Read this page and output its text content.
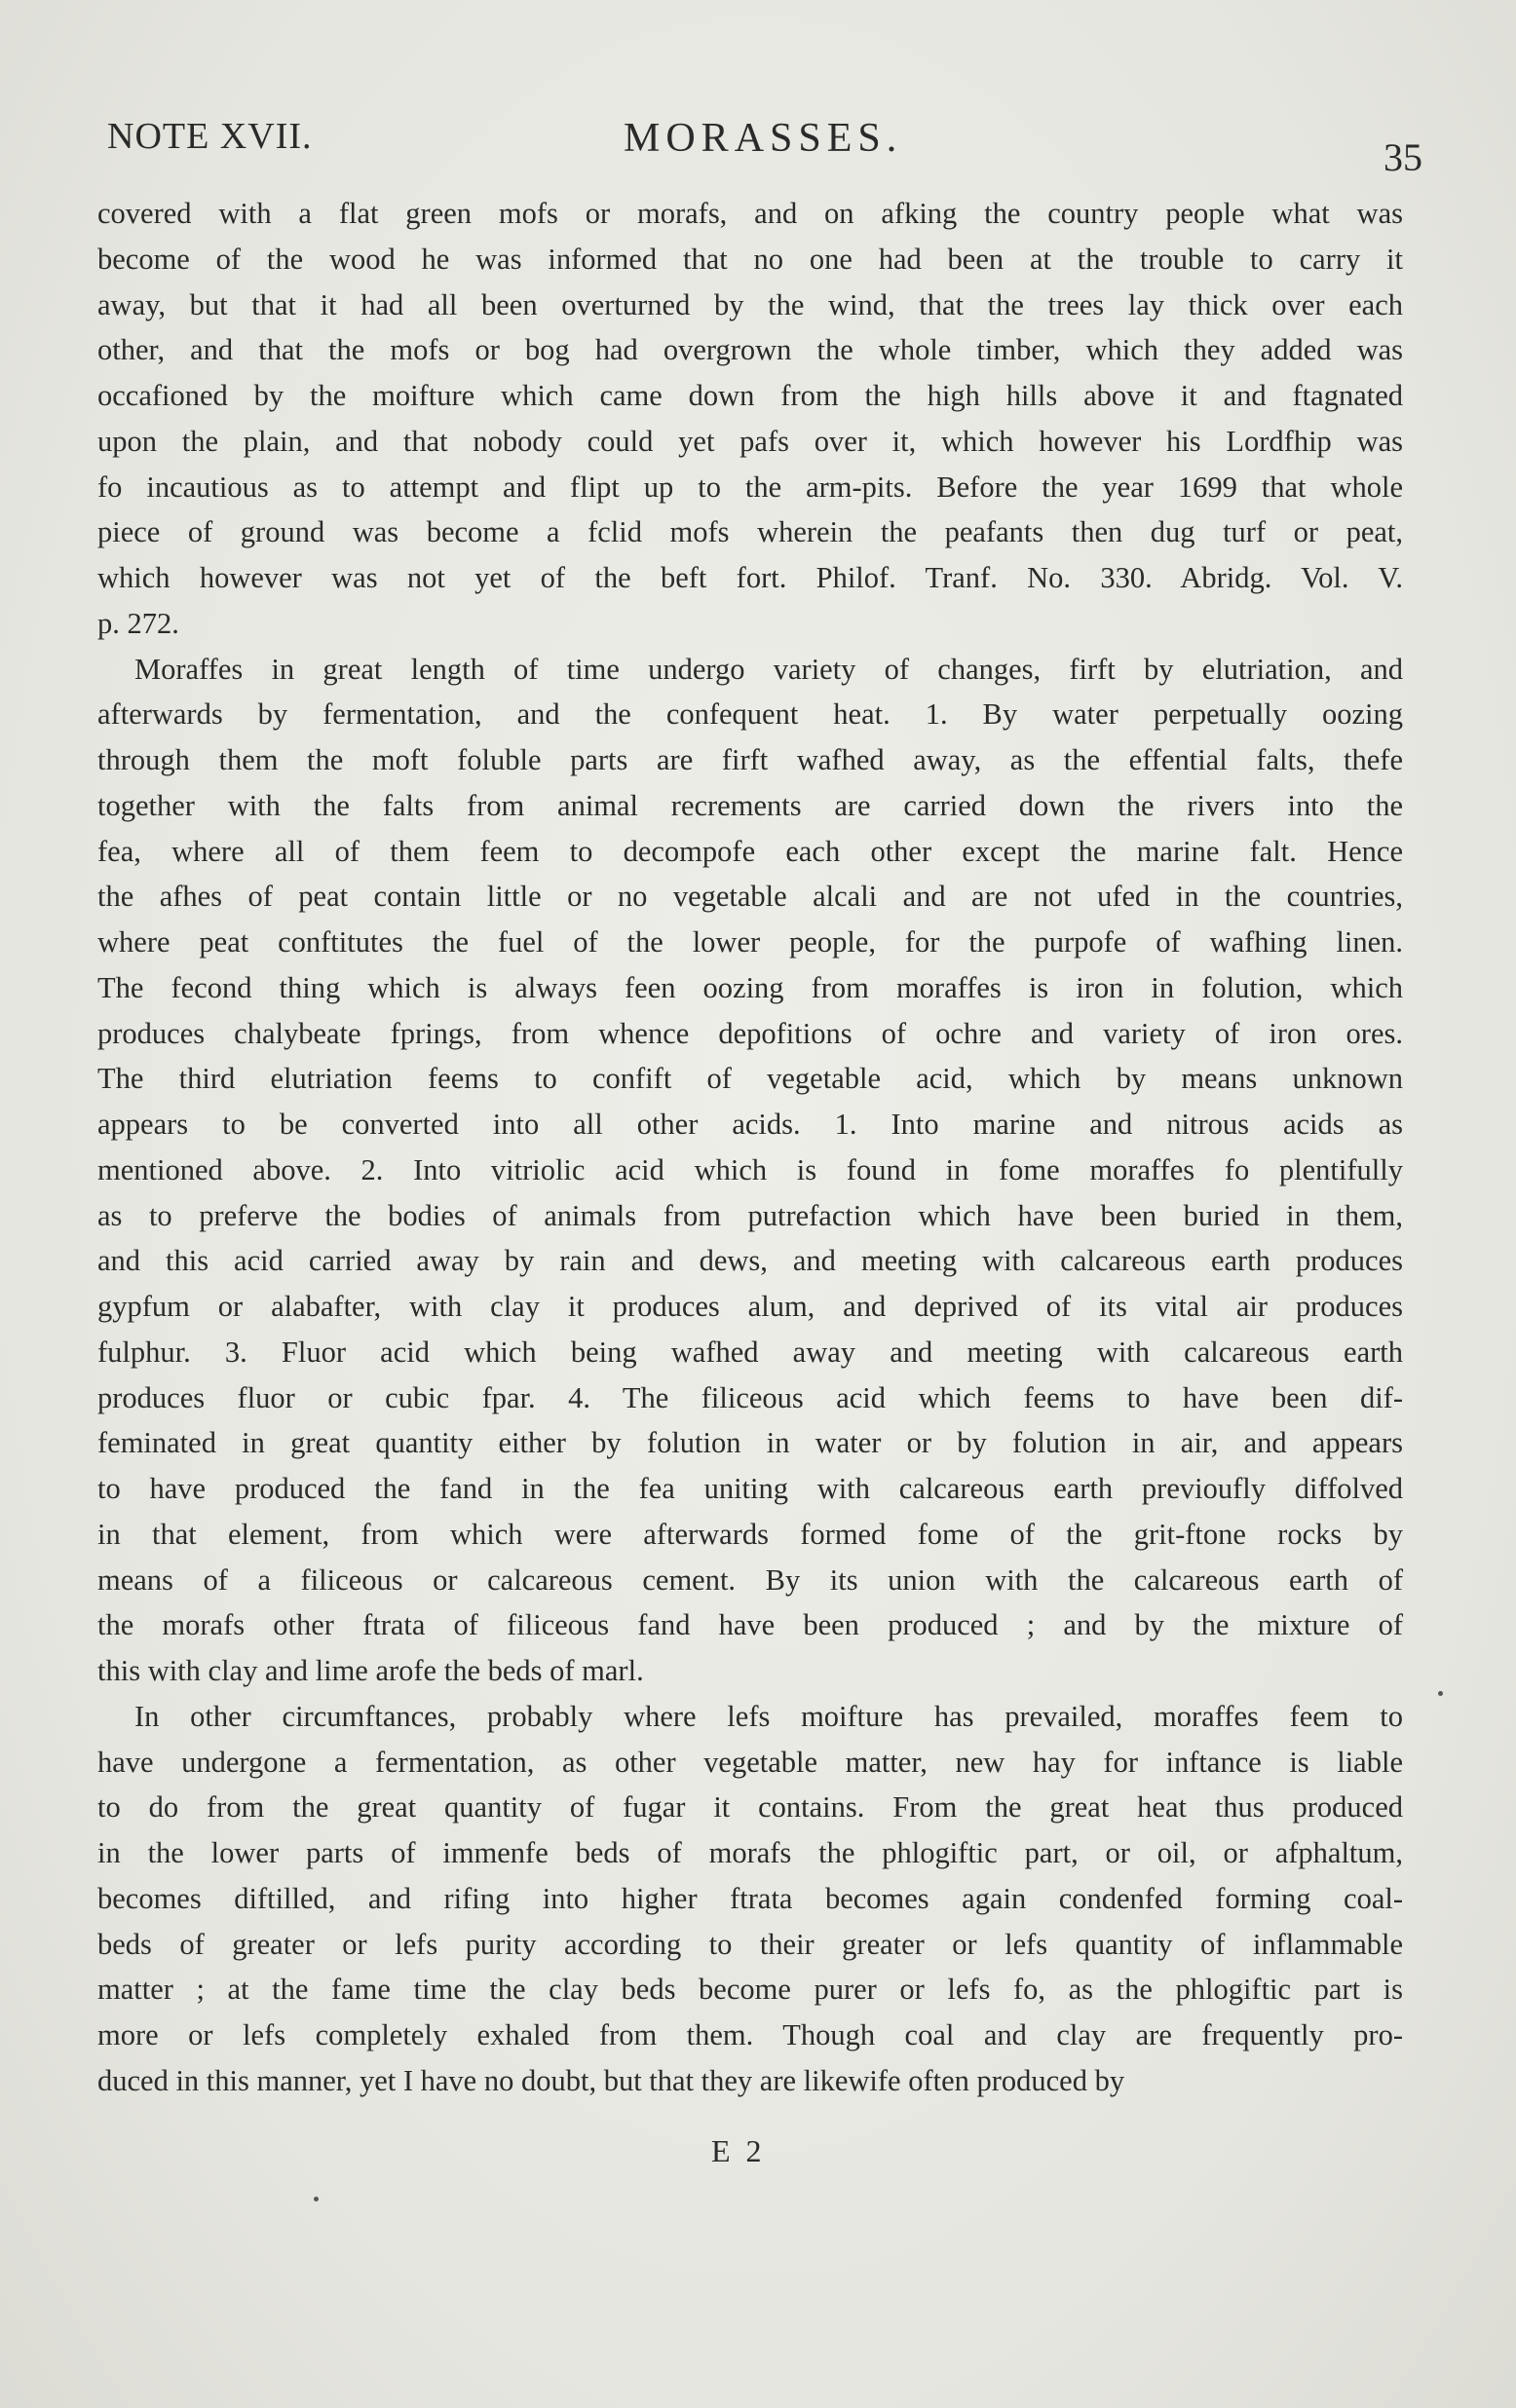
NOTE XVII.	MORASSES.	35
covered with a flat green mofs or morafs, and on afking the country people what was
become of the wood he was informed that no one had been at the trouble to carry it
away, but that it had all been overturned by the wind, that the trees lay thick over each
other, and that the mofs or bog had overgrown the whole timber, which they added was
occafioned by the moifture which came down from the high hills above it and ftagnated
upon the plain, and that nobody could yet pafs over it, which however his Lordfhip was
fo incautious as to attempt and flipt up to the arm-pits. Before the year 1699 that whole
piece of ground was become a fclid mofs wherein the peafants then dug turf or peat,
which however was not yet of the beft fort. Philof. Tranf. No. 330. Abridg. Vol. V.
p. 272.
Moraffes in great length of time undergo variety of changes, firft by elutriation, and
afterwards by fermentation, and the confequent heat. 1. By water perpetually oozing
through them the moft foluble parts are firft wafhed away, as the effential falts, thefe
together with the falts from animal recrements are carried down the rivers into the
fea, where all of them feem to decompofe each other except the marine falt. Hence
the afhes of peat contain little or no vegetable alcali and are not ufed in the countries,
where peat conftitutes the fuel of the lower people, for the purpofe of wafhing linen.
The fecond thing which is always feen oozing from moraffes is iron in folution, which
produces chalybeate fprings, from whence depofitions of ochre and variety of iron ores.
The third elutriation feems to confift of vegetable acid, which by means unknown
appears to be converted into all other acids. 1. Into marine and nitrous acids as
mentioned above. 2. Into vitriolic acid which is found in fome moraffes fo plentifully
as to preferve the bodies of animals from putrefaction which have been buried in them,
and this acid carried away by rain and dews, and meeting with calcareous earth produces
gypfum or alabafter, with clay it produces alum, and deprived of its vital air produces
fulphur. 3. Fluor acid which being wafhed away and meeting with calcareous earth
produces fluor or cubic fpar. 4. The filiceous acid which feems to have been dif-
feminated in great quantity either by folution in water or by folution in air, and appears
to have produced the fand in the fea uniting with calcareous earth previoufly diffolved
in that element, from which were afterwards formed fome of the grit-ftone rocks by
means of a filiceous or calcareous cement. By its union with the calcareous earth of
the morafs other ftrata of filiceous fand have been produced ; and by the mixture of
this with clay and lime arofe the beds of marl.
In other circumftances, probably where lefs moifture has prevailed, moraffes feem to
have undergone a fermentation, as other vegetable matter, new hay for inftance is liable
to do from the great quantity of fugar it contains. From the great heat thus produced
in the lower parts of immenfe beds of morafs the phlogiftic part, or oil, or afphaltum,
becomes diftilled, and rifing into higher ftrata becomes again condenfed forming coal-
beds of greater or lefs purity according to their greater or lefs quantity of inflammable
matter ; at the fame time the clay beds become purer or lefs fo, as the phlogiftic part is
more or lefs completely exhaled from them. Though coal and clay are frequently pro-
duced in this manner, yet I have no doubt, but that they are likewife often produced by
E 2
